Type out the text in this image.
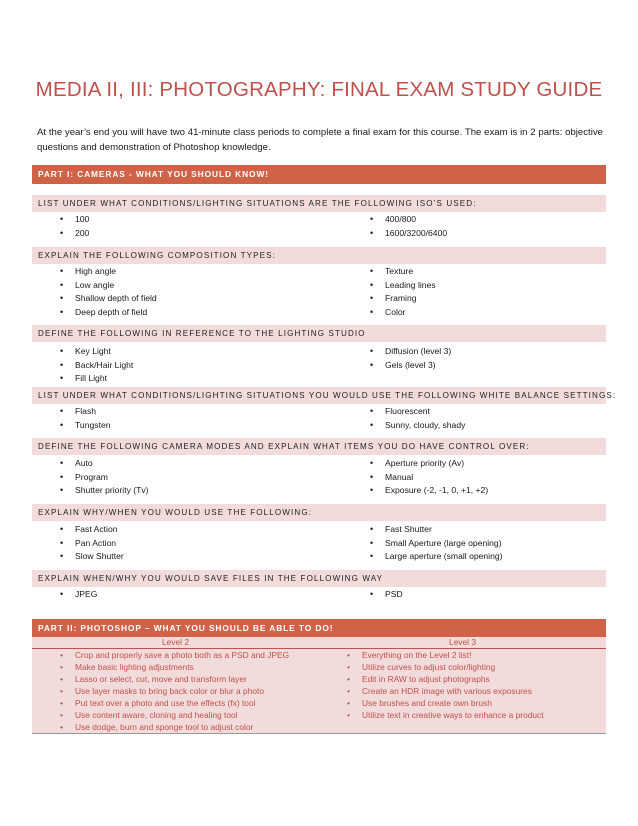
MEDIA II, III: PHOTOGRAPHY: FINAL EXAM STUDY GUIDE
At the year’s end you will have two 41-minute class periods to complete a final exam for this course. The exam is in 2 parts: objective questions and demonstration of Photoshop knowledge.
PART I: CAMERAS - WHAT YOU SHOULD KNOW!
LIST UNDER WHAT CONDITIONS/LIGHTING SITUATIONS ARE THE FOLLOWING ISO’S USED:
• 100
• 200
• 400/800
• 1600/3200/6400
EXPLAIN THE FOLLOWING COMPOSITION TYPES:
• High angle
• Low angle
• Shallow depth of field
• Deep depth of field
• Texture
• Leading lines
• Framing
• Color
DEFINE THE FOLLOWING IN REFERENCE TO THE LIGHTING STUDIO
• Key Light
• Back/Hair Light
• Fill Light
• Diffusion (level 3)
• Gels (level 3)
LIST UNDER WHAT CONDITIONS/LIGHTING SITUATIONS YOU WOULD USE THE FOLLOWING WHITE BALANCE SETTINGS:
• Flash
• Tungsten
• Fluorescent
• Sunny, cloudy, shady
DEFINE THE FOLLOWING CAMERA MODES AND EXPLAIN WHAT ITEMS YOU DO HAVE CONTROL OVER:
• Auto
• Program
• Shutter priority (Tv)
• Aperture priority (Av)
• Manual
• Exposure (-2, -1, 0, +1, +2)
EXPLAIN WHY/WHEN YOU WOULD USE THE FOLLOWING:
• Fast Action
• Pan Action
• Slow Shutter
• Fast Shutter
• Small Aperture (large opening)
• Large aperture (small opening)
EXPLAIN WHEN/WHY YOU WOULD SAVE FILES IN THE FOLLOWING WAY
• JPEG
•	PSD
PART II: PHOTOSHOP – WHAT YOU SHOULD BE ABLE TO DO!
Level 2	Level 3
• Crop and properly save a photo both as a PSD and JPEG
• Make basic lighting adjustments
• Lasso or select, cut, move and transform layer
• Use layer masks to bring back color or blur a photo
• Put text over a photo and use the effects (fx) tool
• Use content aware, cloning and healing tool
• Use dodge, burn and sponge tool to adjust color
• Everything on the Level 2 list!
• Utilize curves to adjust color/lighting
• Edit in RAW to adjust photographs
• Create an HDR image with various exposures
• Use brushes and create own brush
• Utilize text in creative ways to enhance a product
